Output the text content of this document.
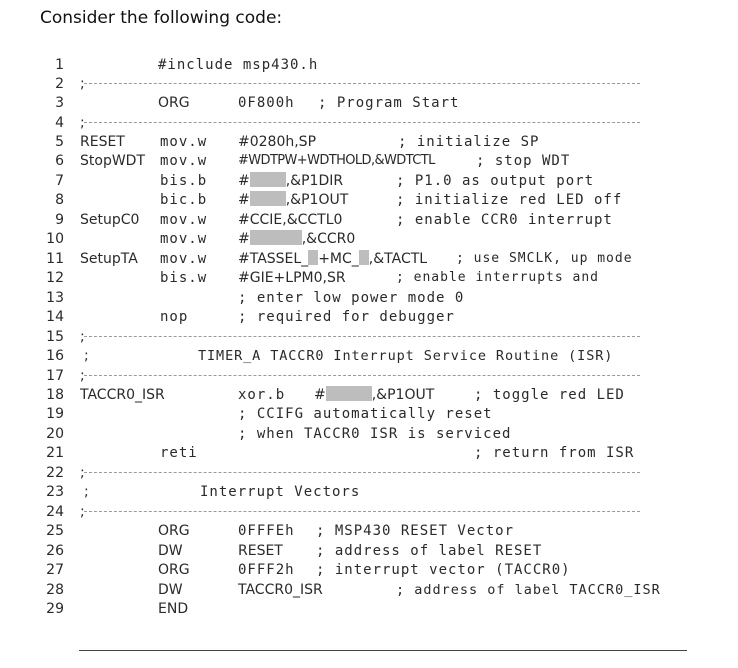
Consider the following code:
1	#include msp430.h
2 ;
3	ORG	0F800h ; Program Start
4 ;
5 RESET	mov.w #0280h,SP	; initialize SP
6 StopWDT mov.w #WDTPW+WDTHOLD,&WDTCTL	; stop WDT
7	bis.b #	,&P1DIR	; P1.0 as output port
8	bic.b #	,&P1OUT	; initialize red LED off
9 SetupC0 mov.w #CCIE,&CCTL0	; enable CCR0 interrupt
10	mov.w #	,&CCR0
11 SetupTA mov.w #TASSEL_ +MC_ ,&TACTL ; use SMCLK, up mode
12	bis.w #GIE+LPM0,SR	; enable interrupts and
13	; enter low power mode 0
14	nop	; required for debugger
15 ;
16 ;	TIMER_A TACCR0 Interrupt Service Routine (ISR)
17 ;
18 TACCR0_ISR	xor.b #	,&P1OUT	; toggle red LED
19	; CCIFG automatically reset
20	; when TACCR0 ISR is serviced
21	reti	; return from ISR
22 ;
23 ;	Interrupt Vectors
24 ;
25	ORG	0FFFEh ; MSP430 RESET Vector
26	DW	RESET ; address of label RESET
27	ORG	0FFF2h ; interrupt vector (TACCR0)
28	DW	TACCR0_ISR	; address of label TACCR0_ISR
29	END
